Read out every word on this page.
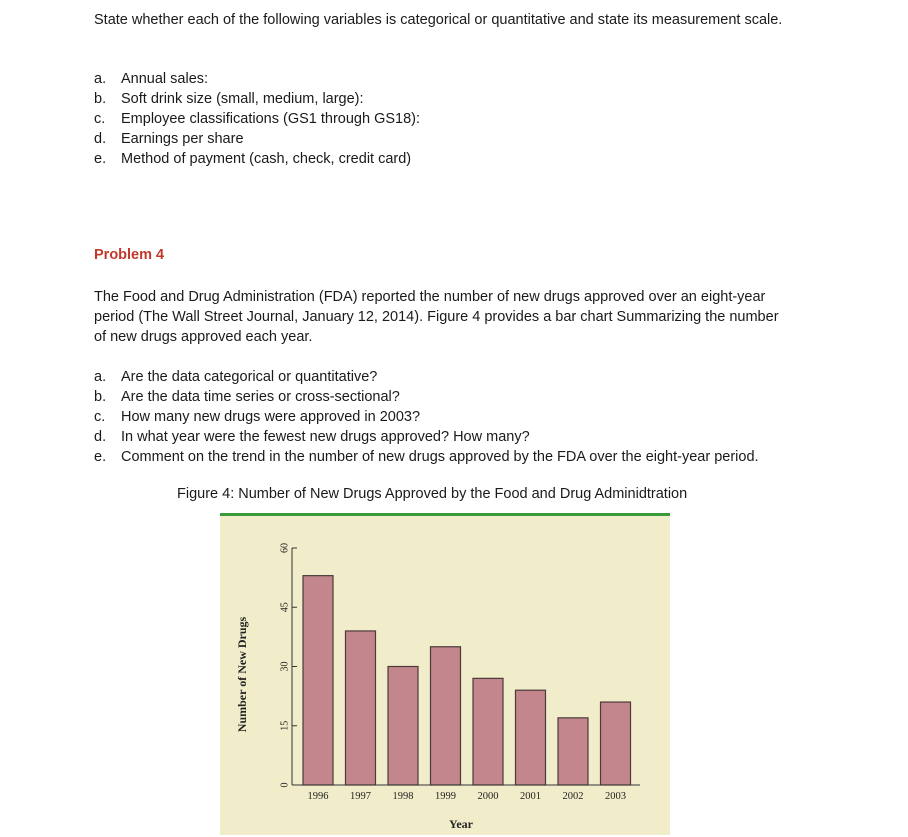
State whether each of the following variables is categorical or quantitative and state its measurement scale.

a. Annual sales:
b. Soft drink size (small, medium, large):
c. Employee classifications (GS1 through GS18):
d. Earnings per share
e. Method of payment (cash, check, credit card)

Problem 4

The Food and Drug Administration (FDA) reported the number of new drugs approved over an eight-year period (The Wall Street Journal, January 12, 2014). Figure 4 provides a bar chart Summarizing the number of new drugs approved each year.

a. Are the data categorical or quantitative?
b. Are the data time series or cross-sectional?
c. How many new drugs were approved in 2003?
d. In what year were the fewest new drugs approved? How many?
e. Comment on the trend in the number of new drugs approved by the FDA over the eight-year period.

Figure 4: Number of New Drugs Approved by the Food and Drug Adminidtration

0
15
30
45
60
Number of New Drugs
1996 1997 1998 1999 2000 2001 2002 2003
Year
